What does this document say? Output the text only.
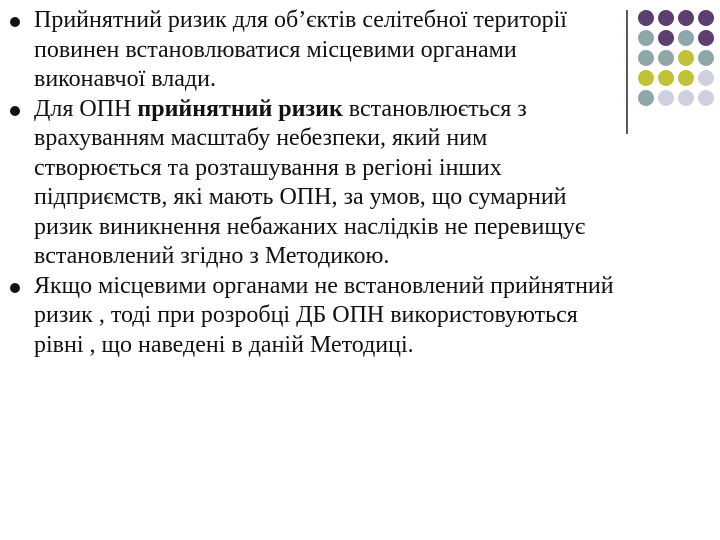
Прийнятний ризик для об’єктів селітебної території повинен встановлюватися місцевими органами виконавчої влади.
Для ОПН прийнятний ризик встановлюється з врахуванням масштабу небезпеки, який ним створюється та розташування в регіоні інших підприємств, які мають ОПН, за умов, що сумарний ризик виникнення небажаних наслідків не перевищує встановлений згідно з Методикою.
Якщо місцевими органами не встановлений прийнятний ризик , тоді при розробці ДБ ОПН використовуються рівні , що наведені в даній Методиці.
